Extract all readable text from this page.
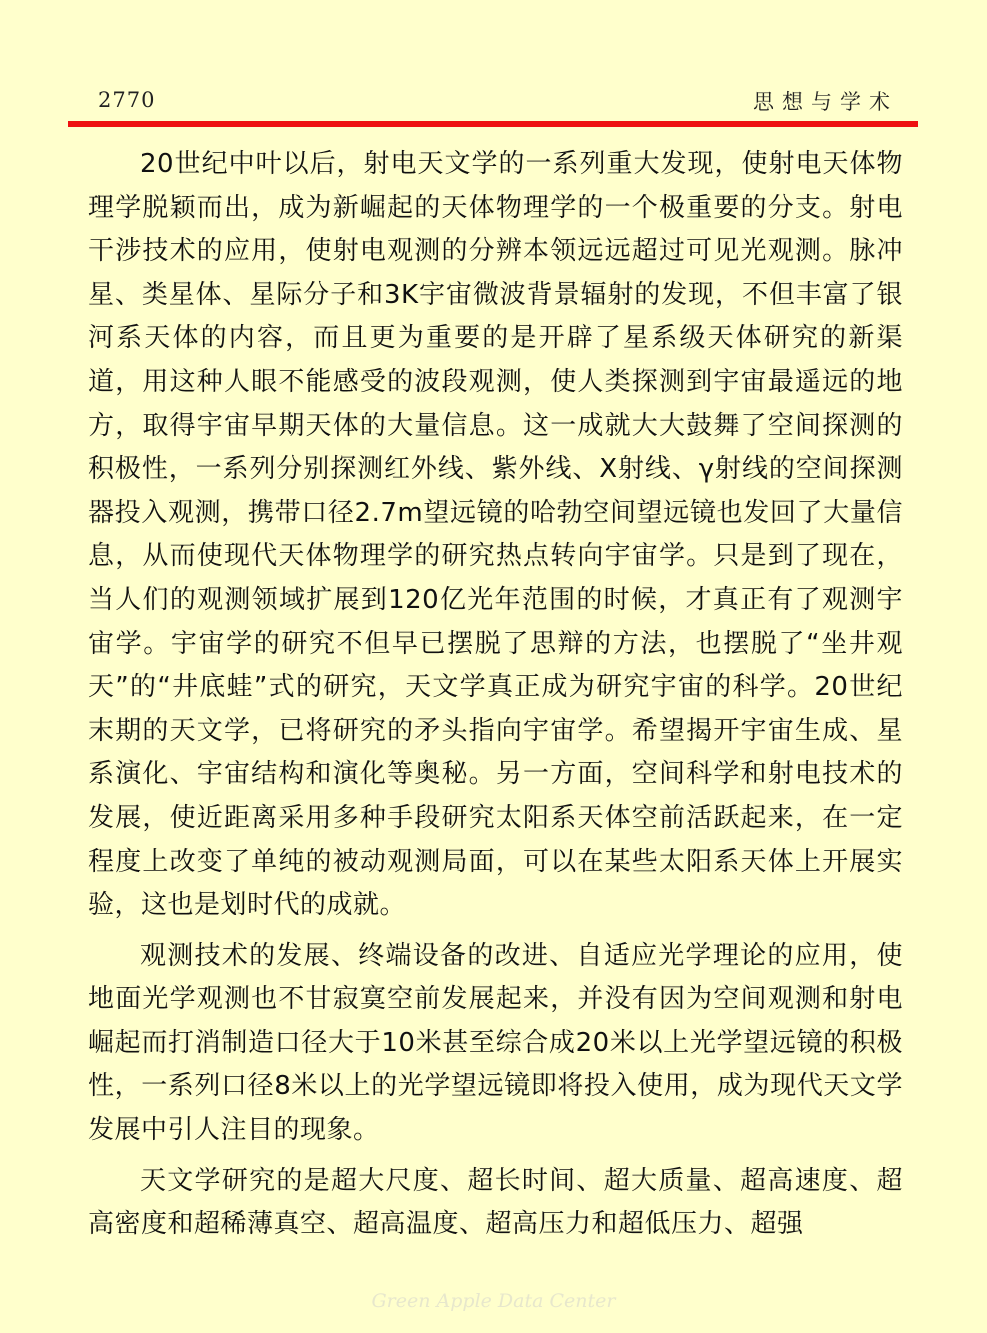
2770	思想与学术

20世纪中叶以后，射电天文学的一系列重大发现，使射电天体物理学脱颖而出，成为新崛起的天体物理学的一个极重要的分支。射电干涉技术的应用，使射电观测的分辨本领远远超过可见光观测。脉冲星、类星体、星际分子和3K宇宙微波背景辐射的发现，不但丰富了银河系天体的内容，而且更为重要的是开辟了星系级天体研究的新渠道，用这种人眼不能感受的波段观测，使人类探测到宇宙最遥远的地方，取得宇宙早期天体的大量信息。这一成就大大鼓舞了空间探测的积极性，一系列分别探测红外线、紫外线、X射线、γ射线的空间探测器投入观测，携带口径2.7m望远镜的哈勃空间望远镜也发回了大量信息，从而使现代天体物理学的研究热点转向宇宙学。只是到了现在，当人们的观测领域扩展到120亿光年范围的时候，才真正有了观测宇宙学。宇宙学的研究不但早已摆脱了思辩的方法，也摆脱了“坐井观天”的“井底蛙”式的研究，天文学真正成为研究宇宙的科学。20世纪末期的天文学，已将研究的矛头指向宇宙学。希望揭开宇宙生成、星系演化、宇宙结构和演化等奥秘。另一方面，空间科学和射电技术的发展，使近距离采用多种手段研究太阳系天体空前活跃起来，在一定程度上改变了单纯的被动观测局面，可以在某些太阳系天体上开展实验，这也是划时代的成就。

观测技术的发展、终端设备的改进、自适应光学理论的应用，使地面光学观测也不甘寂寞空前发展起来，并没有因为空间观测和射电崛起而打消制造口径大于10米甚至综合成20米以上光学望远镜的积极性，一系列口径8米以上的光学望远镜即将投入使用，成为现代天文学发展中引人注目的现象。

天文学研究的是超大尺度、超长时间、超大质量、超高速度、超高密度和超稀薄真空、超高温度、超高压力和超低压力、超强

Green Apple Data Center
